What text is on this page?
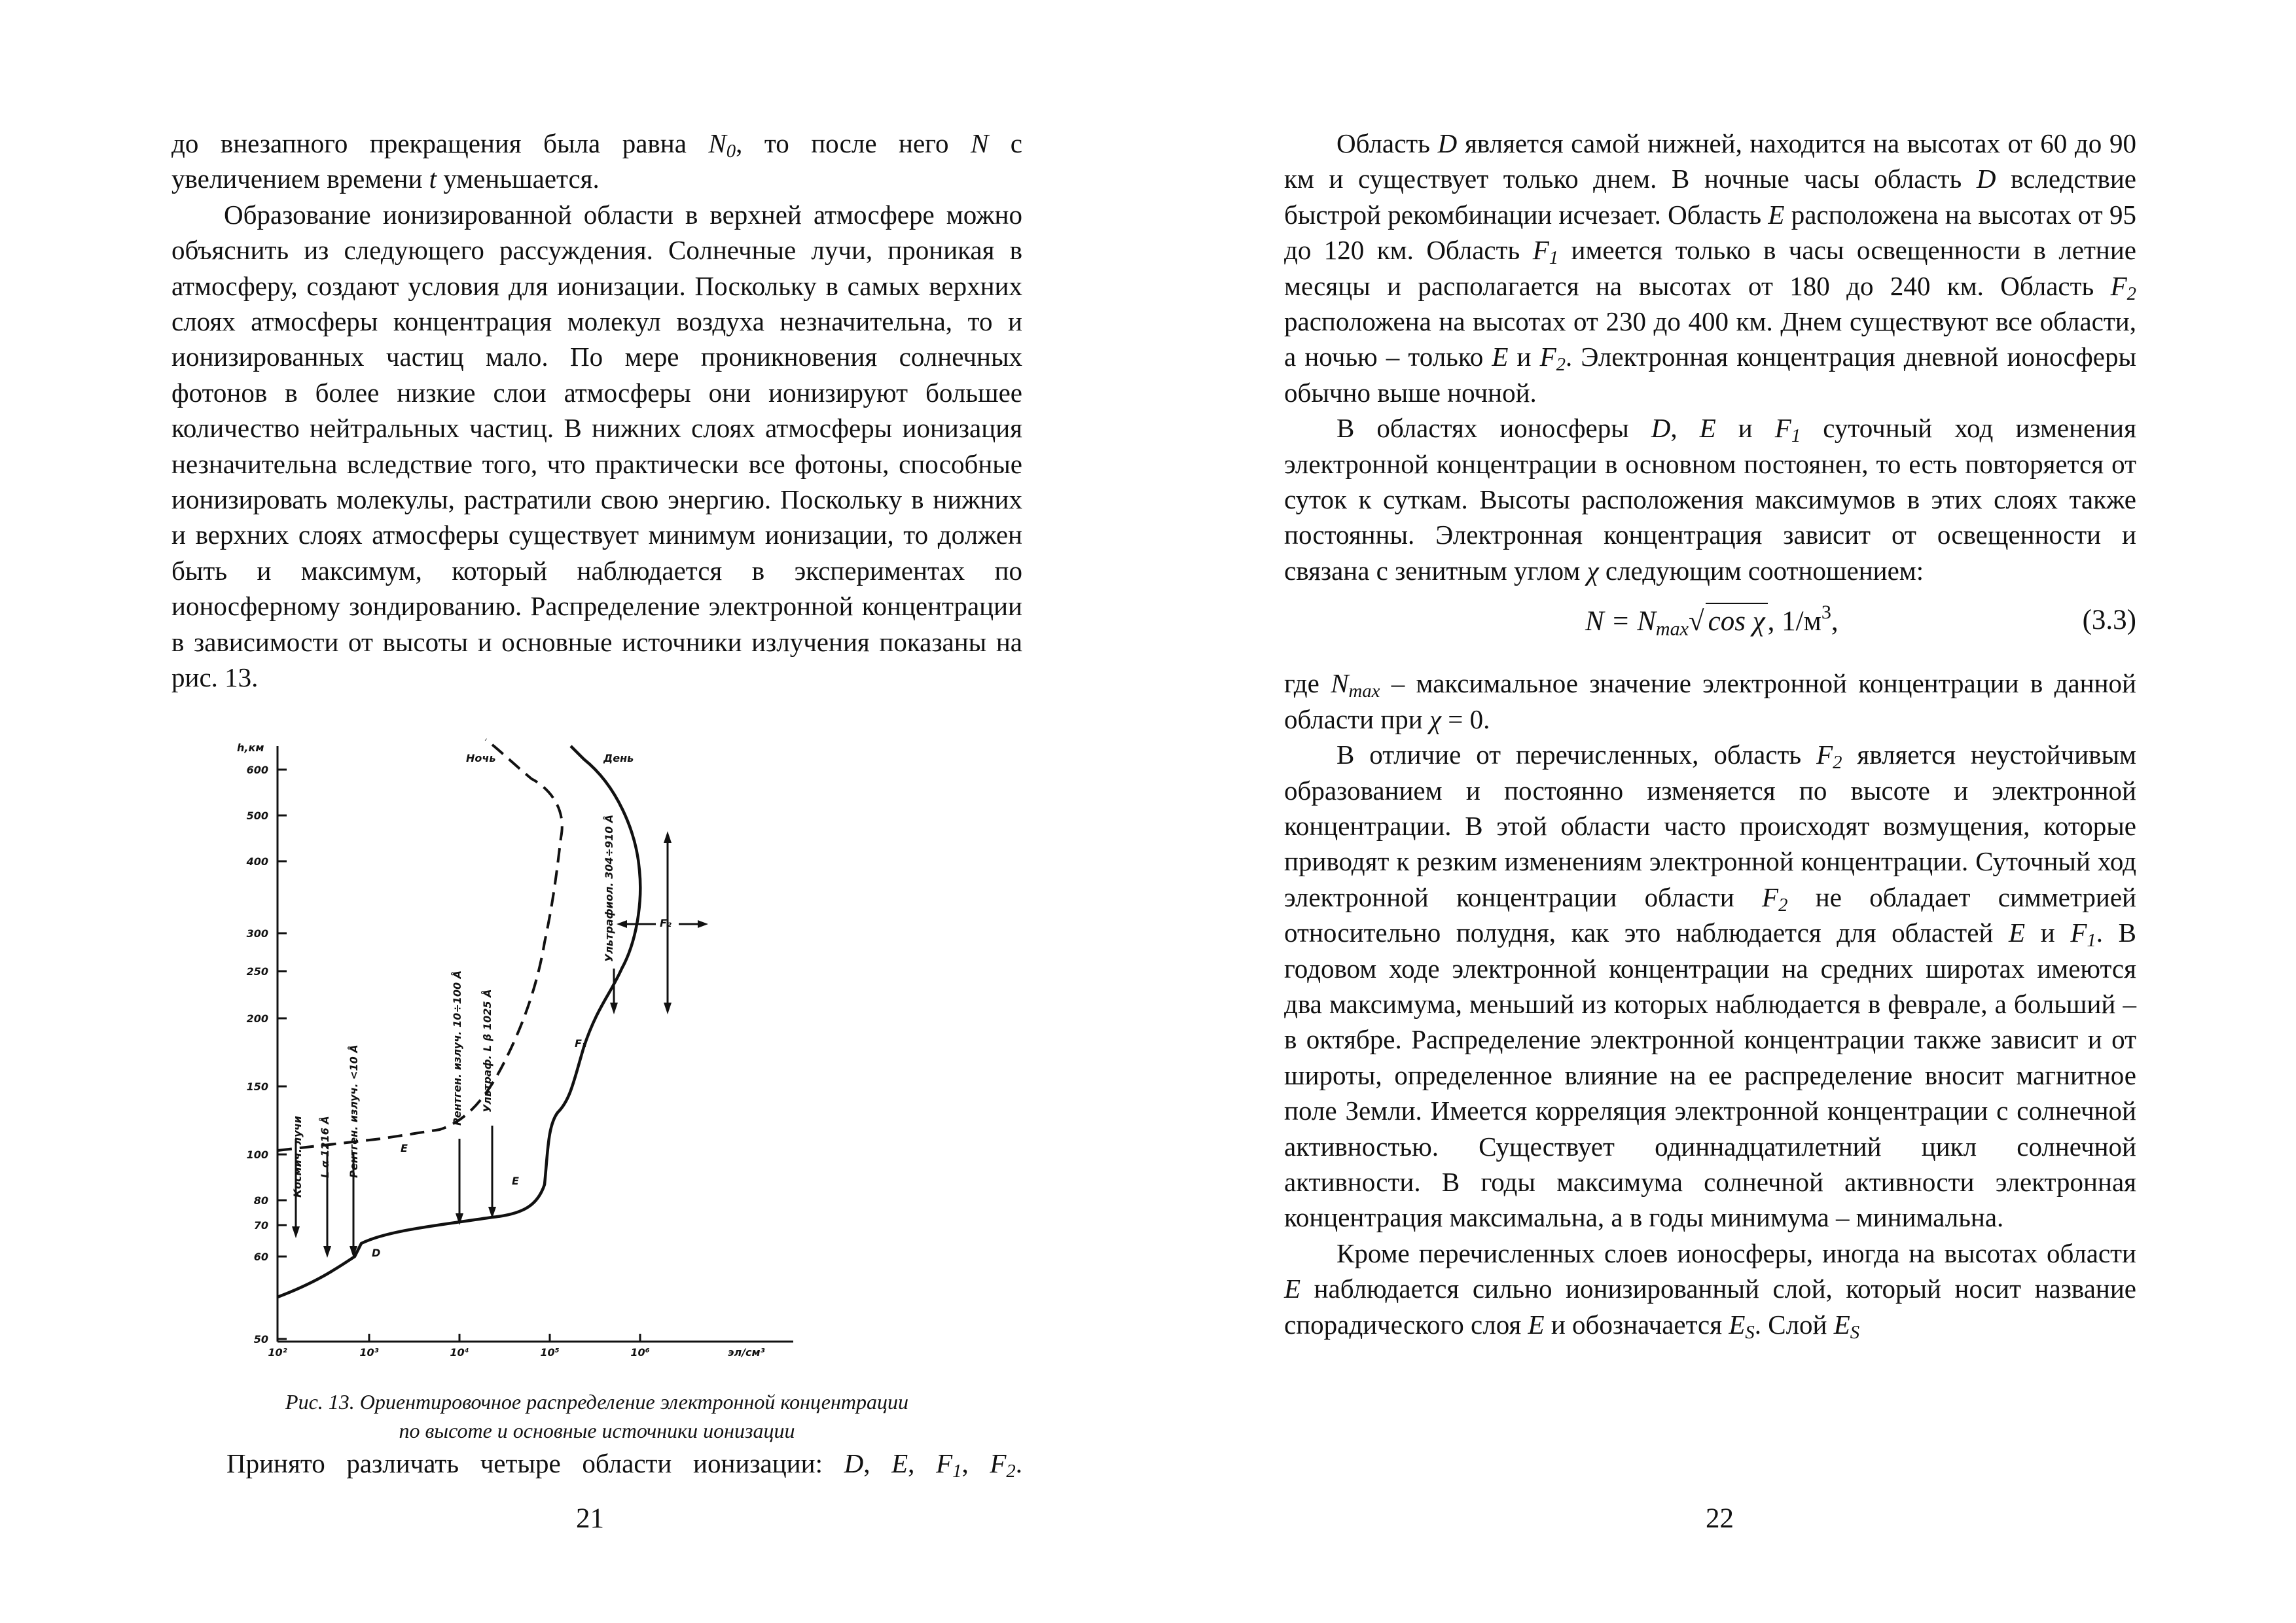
до внезапного прекращения была равна $N_0$, то после него N с увеличением времени t уменьшается.

Образование ионизированной области в верхней атмосфере можно объяснить из следующего рассуждения. Солнечные лучи, проникая в атмосферу, создают условия для ионизации. Поскольку в самых верхних слоях атмосферы концентрация молекул воздуха незначительна, то и ионизированных частиц мало. По мере проникновения солнечных фотонов в более низкие слои атмосферы они ионизируют большее количество нейтральных частиц. В нижних слоях атмосферы ионизация незначительна вследствие того, что практически все фотоны, способные ионизировать молекулы, растратили свою энергию. Поскольку в нижних и верхних слоях атмосферы существует минимум ионизации, то должен быть и максимум, который наблюдается в экспериментах по ионосферному зондированию. Распределение электронной концентрации в зависимости от высоты и основные источники излучения показаны на рис. 13.

h,км
эл/см³
600
500
400
300
250
200
150
100
80
70
60
50
10²	10³	10⁴	10⁵	10⁶
Ночь	День
D
E
E
F₁
F₂
Космич. лучи L α 1216 Å Рентген. излуч. <10 Å	Рентген. излуч. 10÷100 Å Ультраф. L β 1025 Å
Ультрафиол. 304÷910 Å
Рис. 13. Ориентировочное распределение электронной концентрации
по высоте и основные источники ионизации
Принято различать четыре области ионизации: D, E, $F_1$, $F_2$.
21

Область D является самой нижней, находится на высотах от 60 до 90 км и существует только днем. В ночные часы область D вследствие быстрой рекомбинации исчезает. Область E расположена на высотах от 95 до 120 км. Область $F_1$ имеется только в часы освещенности в летние месяцы и располагается на высотах от 180 до 240 км. Область $F_2$ расположена на высотах от 230 до 400 км. Днем существуют все области, а ночью – только E и $F_2$. Электронная концентрация дневной ионосферы обычно выше ночной.

В областях ионосферы D, E и $F_1$ суточный ход изменения электронной концентрации в основном постоянен, то есть повторяется от суток к суткам. Высоты расположения максимумов в этих слоях также постоянны. Электронная концентрация зависит от освещенности и связана с зенитным углом χ следующим соотношением:

$N = N_{max}√$ cos χ, $1/м^3$,	(3.3)

где $N_{max}$ – максимальное значение электронной концентрации в данной области при χ = 0.

В отличие от перечисленных, область $F_2$ является неустойчивым образованием и постоянно изменяется по высоте и электронной концентрации. В этой области часто происходят возмущения, которые приводят к резким изменениям электронной концентрации. Суточный ход электронной концентрации области $F_2$ не обладает симметрией относительно полудня, как это наблюдается для областей E и $F_1$. В годовом ходе электронной концентрации на средних широтах имеются два максимума, меньший из которых наблюдается в феврале, а больший – в октябре. Распределение электронной концентрации также зависит и от широты, определенное влияние на ее распределение вносит магнитное поле Земли. Имеется корреляция электронной концентрации с солнечной активностью. Существует одиннадцатилетний цикл солнечной активности. В годы максимума солнечной активности электронная концентрация максимальна, а в годы минимума – минимальна.

Кроме перечисленных слоев ионосферы, иногда на высотах области E наблюдается сильно ионизированный слой, который носит название спорадического слоя E и обозначается $E_S$. Слой $E_S$

22
